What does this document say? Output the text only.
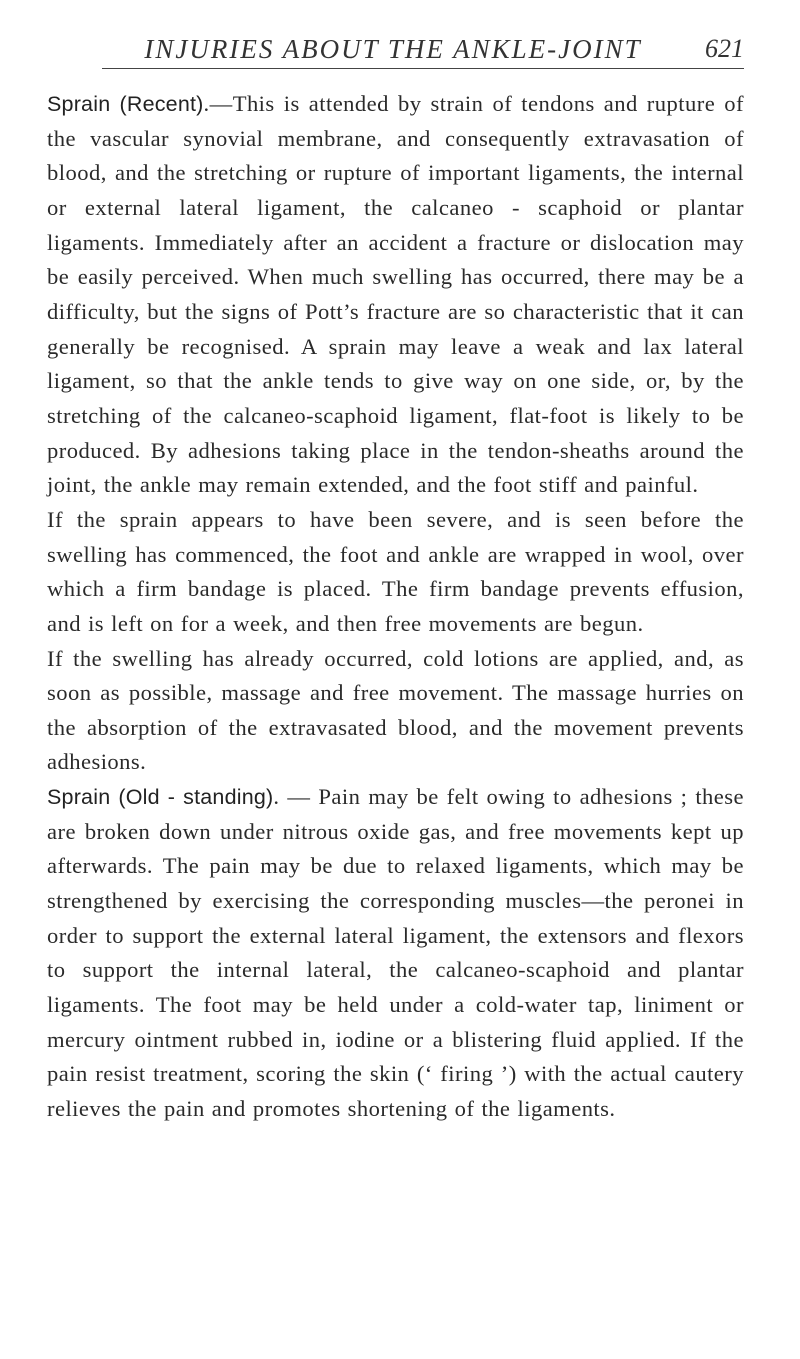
INJURIES ABOUT THE ANKLE-JOINT	621

Sprain (Recent).—This is attended by strain of tendons and rupture of the vascular synovial membrane, and consequently extravasation of blood, and the stretching or rupture of important ligaments, the internal or external lateral ligament, the calcaneo - scaphoid or plantar ligaments. Immediately after an accident a fracture or dislocation may be easily perceived. When much swelling has occurred, there may be a difficulty, but the signs of Pott’s fracture are so characteristic that it can generally be recognised. A sprain may leave a weak and lax lateral ligament, so that the ankle tends to give way on one side, or, by the stretching of the calcaneo-scaphoid ligament, flat-foot is likely to be produced. By adhesions taking place in the tendon-sheaths around the joint, the ankle may remain extended, and the foot stiff and painful.

If the sprain appears to have been severe, and is seen before the swelling has commenced, the foot and ankle are wrapped in wool, over which a firm bandage is placed. The firm bandage prevents effusion, and is left on for a week, and then free movements are begun.

If the swelling has already occurred, cold lotions are applied, and, as soon as possible, massage and free movement. The massage hurries on the absorption of the extravasated blood, and the movement prevents adhesions.

Sprain (Old - standing). — Pain may be felt owing to adhesions ; these are broken down under nitrous oxide gas, and free movements kept up afterwards. The pain may be due to relaxed ligaments, which may be strengthened by exercising the corresponding muscles—the peronei in order to support the external lateral ligament, the extensors and flexors to support the internal lateral, the calcaneo-scaphoid and plantar ligaments. The foot may be held under a cold-water tap, liniment or mercury ointment rubbed in, iodine or a blistering fluid applied. If the pain resist treatment, scoring the skin (‘ firing ’) with the actual cautery relieves the pain and promotes shortening of the ligaments.
